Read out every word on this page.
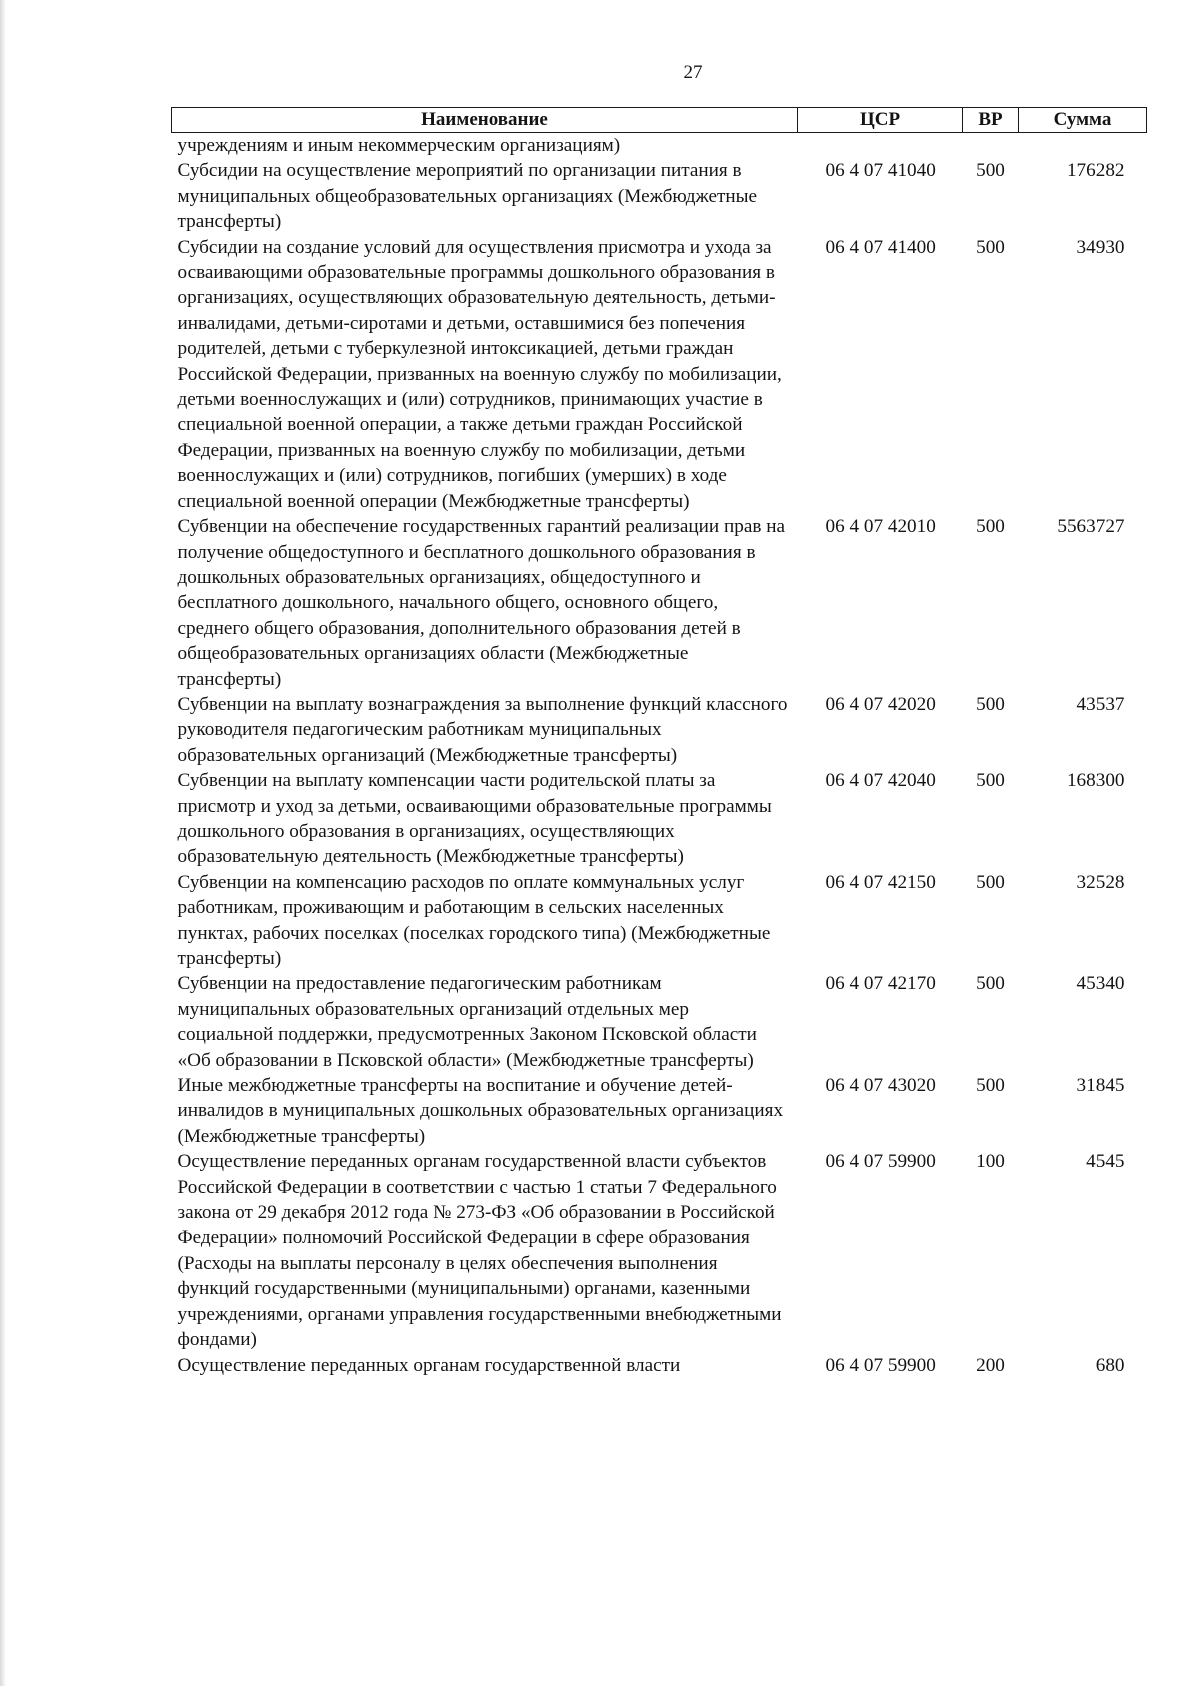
27
Наименование	ЦСР	ВР	Сумма
учреждениям и иным некоммерческим организациям)			
Субсидии на осуществление мероприятий по организации питания в муниципальных общеобразовательных организациях (Межбюджетные трансферты)	06 4 07 41040	500	176282
Субсидии на создание условий для осуществления присмотра и ухода за осваивающими образовательные программы дошкольного образования в организациях, осуществляющих образовательную деятельность, детьми-инвалидами, детьми-сиротами и детьми, оставшимися без попечения родителей, детьми с туберкулезной интоксикацией, детьми граждан Российской Федерации, призванных на военную службу по мобилизации, детьми военнослужащих и (или) сотрудников, принимающих участие в специальной военной операции, а также детьми граждан Российской Федерации, призванных на военную службу по мобилизации, детьми военнослужащих и (или) сотрудников, погибших (умерших) в ходе специальной военной операции (Межбюджетные трансферты)	06 4 07 41400	500	34930
Субвенции на обеспечение государственных гарантий реализации прав на получение общедоступного и бесплатного дошкольного образования в дошкольных образовательных организациях, общедоступного и бесплатного дошкольного, начального общего, основного общего, среднего общего образования, дополнительного образования детей в общеобразовательных организациях области (Межбюджетные трансферты)	06 4 07 42010	500	5563727
Субвенции на выплату вознаграждения за выполнение функций классного руководителя педагогическим работникам муниципальных образовательных организаций (Межбюджетные трансферты)	06 4 07 42020	500	43537
Субвенции на выплату компенсации части родительской платы за присмотр и уход за детьми, осваивающими образовательные программы дошкольного образования в организациях, осуществляющих образовательную деятельность (Межбюджетные трансферты)	06 4 07 42040	500	168300
Субвенции на компенсацию расходов по оплате коммунальных услуг работникам, проживающим и работающим в сельских населенных пунктах, рабочих поселках (поселках городского типа) (Межбюджетные трансферты)	06 4 07 42150	500	32528
Субвенции на предоставление педагогическим работникам муниципальных образовательных организаций отдельных мер социальной поддержки, предусмотренных Законом Псковской области «Об образовании в Псковской области» (Межбюджетные трансферты)	06 4 07 42170	500	45340
Иные межбюджетные трансферты на воспитание и обучение детей-инвалидов в муниципальных дошкольных образовательных организациях (Межбюджетные трансферты)	06 4 07 43020	500	31845
Осуществление переданных органам государственной власти субъектов Российской Федерации в соответствии с частью 1 статьи 7 Федерального закона от 29 декабря 2012 года № 273-ФЗ «Об образовании в Российской Федерации» полномочий Российской Федерации в сфере образования (Расходы на выплаты персоналу в целях обеспечения выполнения функций государственными (муниципальными) органами, казенными учреждениями, органами управления государственными внебюджетными фондами)	06 4 07 59900	100	4545
Осуществление переданных органам государственной власти	06 4 07 59900	200	680
